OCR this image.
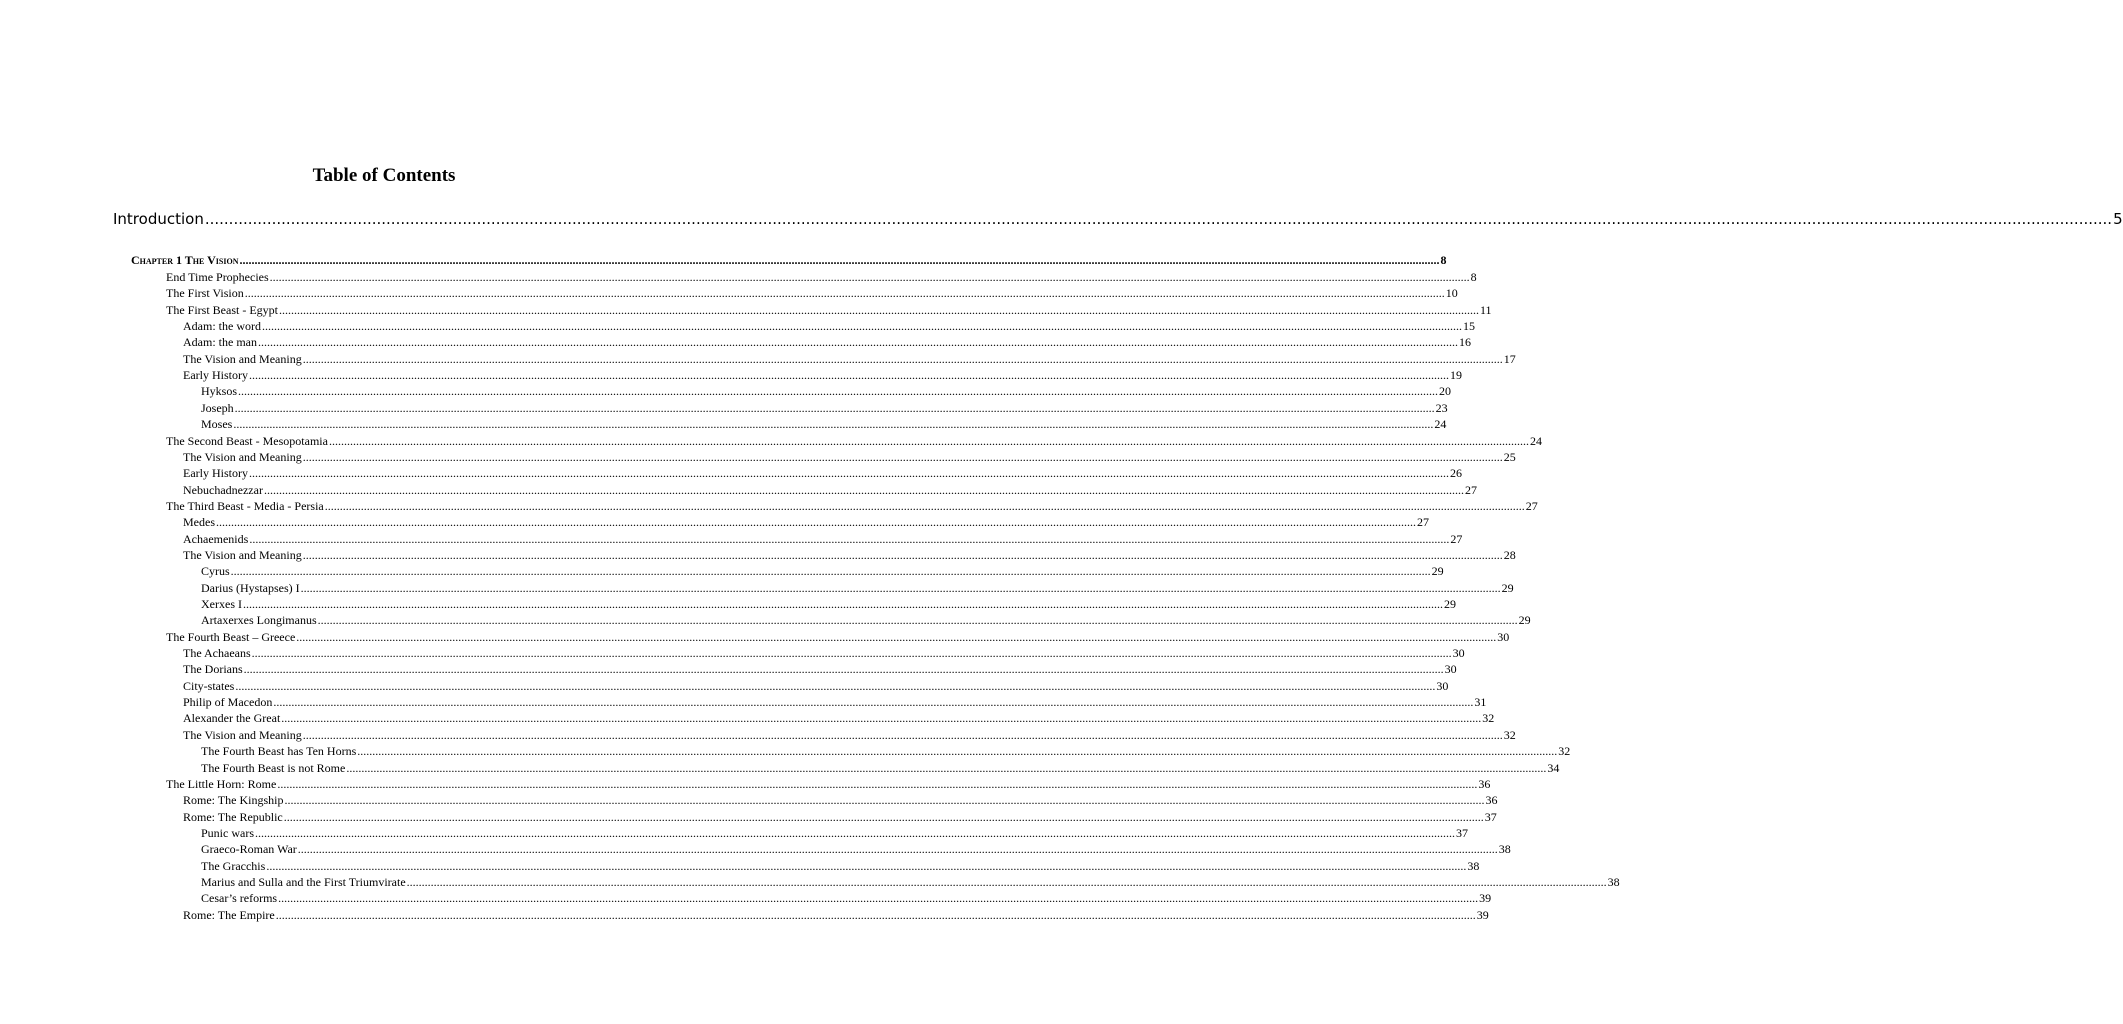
Table of Contents
Introduction ................................................................................................................................................................................................................................................................................................................................................................................................................ 5
Chapter 1 The Vision ................................................................................................................................................................................................................................................................................................................................................................................................................ 8
End Time Prophecies ................................................................................................................................................................................................................................................................................................................................................................................................................ 8
The First Vision ................................................................................................................................................................................................................................................................................................................................................................................................................ 10
The First Beast - Egypt ................................................................................................................................................................................................................................................................................................................................................................................................................ 11
Adam: the word ................................................................................................................................................................................................................................................................................................................................................................................................................ 15
Adam: the man ................................................................................................................................................................................................................................................................................................................................................................................................................ 16
The Vision and Meaning ................................................................................................................................................................................................................................................................................................................................................................................................................ 17
Early History ................................................................................................................................................................................................................................................................................................................................................................................................................ 19
Hyksos ................................................................................................................................................................................................................................................................................................................................................................................................................ 20
Joseph ................................................................................................................................................................................................................................................................................................................................................................................................................ 23
Moses ................................................................................................................................................................................................................................................................................................................................................................................................................ 24
The Second Beast - Mesopotamia ................................................................................................................................................................................................................................................................................................................................................................................................................ 24
The Vision and Meaning ................................................................................................................................................................................................................................................................................................................................................................................................................ 25
Early History ................................................................................................................................................................................................................................................................................................................................................................................................................ 26
Nebuchadnezzar ................................................................................................................................................................................................................................................................................................................................................................................................................ 27
The Third Beast - Media - Persia ................................................................................................................................................................................................................................................................................................................................................................................................................ 27
Medes ................................................................................................................................................................................................................................................................................................................................................................................................................ 27
Achaemenids ................................................................................................................................................................................................................................................................................................................................................................................................................ 27
The Vision and Meaning ................................................................................................................................................................................................................................................................................................................................................................................................................ 28
Cyrus ................................................................................................................................................................................................................................................................................................................................................................................................................ 29
Darius (Hystapses) I ................................................................................................................................................................................................................................................................................................................................................................................................................ 29
Xerxes I ................................................................................................................................................................................................................................................................................................................................................................................................................ 29
Artaxerxes Longimanus ................................................................................................................................................................................................................................................................................................................................................................................................................ 29
The Fourth Beast – Greece ................................................................................................................................................................................................................................................................................................................................................................................................................ 30
The Achaeans ................................................................................................................................................................................................................................................................................................................................................................................................................ 30
The Dorians ................................................................................................................................................................................................................................................................................................................................................................................................................ 30
City-states ................................................................................................................................................................................................................................................................................................................................................................................................................ 30
Philip of Macedon ................................................................................................................................................................................................................................................................................................................................................................................................................ 31
Alexander the Great ................................................................................................................................................................................................................................................................................................................................................................................................................ 32
The Vision and Meaning ................................................................................................................................................................................................................................................................................................................................................................................................................ 32
The Fourth Beast has Ten Horns ................................................................................................................................................................................................................................................................................................................................................................................................................ 32
The Fourth Beast is not Rome ................................................................................................................................................................................................................................................................................................................................................................................................................ 34
The Little Horn: Rome ................................................................................................................................................................................................................................................................................................................................................................................................................ 36
Rome: The Kingship ................................................................................................................................................................................................................................................................................................................................................................................................................ 36
Rome: The Republic ................................................................................................................................................................................................................................................................................................................................................................................................................ 37
Punic wars ................................................................................................................................................................................................................................................................................................................................................................................................................ 37
Graeco-Roman War ................................................................................................................................................................................................................................................................................................................................................................................................................ 38
The Gracchis ................................................................................................................................................................................................................................................................................................................................................................................................................ 38
Marius and Sulla and the First Triumvirate ................................................................................................................................................................................................................................................................................................................................................................................................................ 38
Cesar’s reforms ................................................................................................................................................................................................................................................................................................................................................................................................................ 39
Rome: The Empire ................................................................................................................................................................................................................................................................................................................................................................................................................ 39
